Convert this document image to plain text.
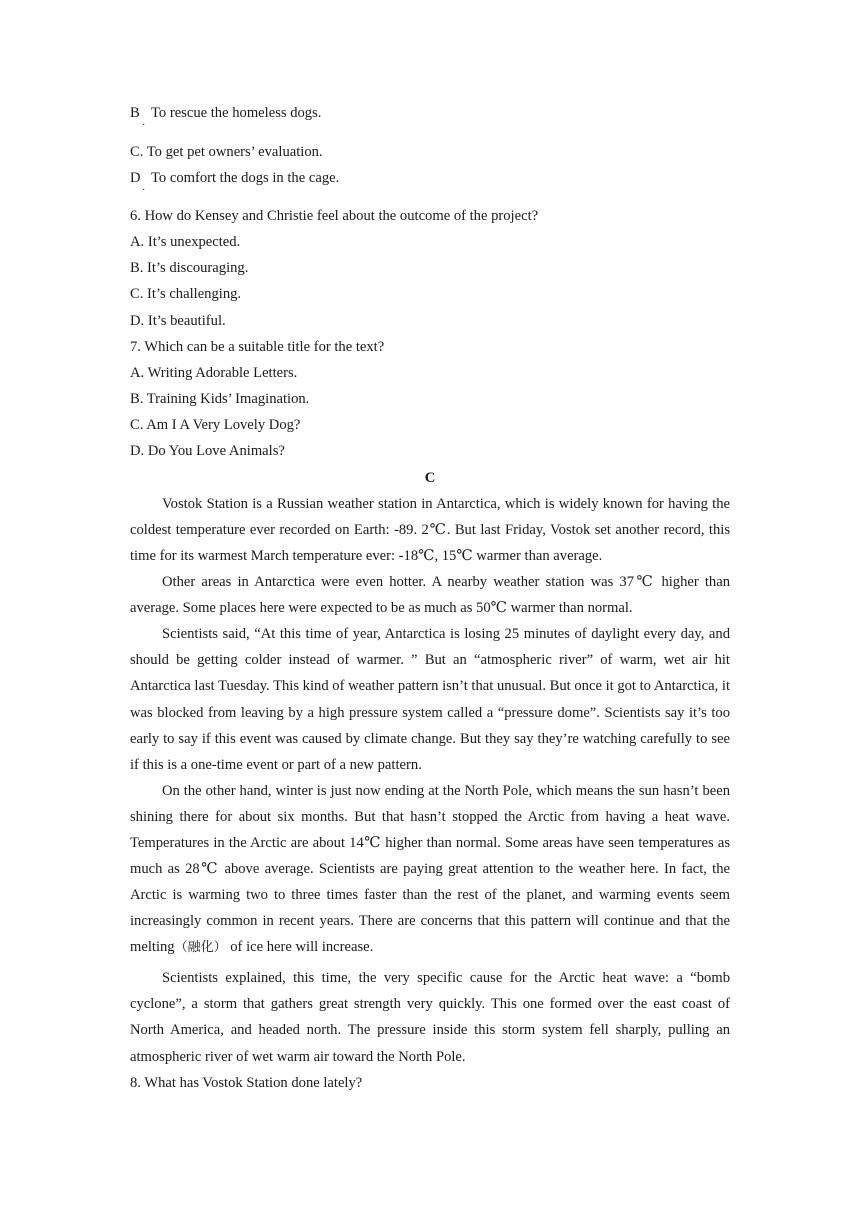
B
·
To rescue the homeless dogs.
C. To get pet owners’ evaluation.
D
·
To comfort the dogs in the cage.
6. How do Kensey and Christie feel about the outcome of the project?
A. It’s unexpected.
B. It’s discouraging.
C. It’s challenging.
D. It’s beautiful.
7. Which can be a suitable title for the text?
A. Writing Adorable Letters.
B. Training Kids’ Imagination.
C. Am I A Very Lovely Dog?
D. Do You Love Animals?
C
Vostok Station is a Russian weather station in Antarctica, which is widely known for having the coldest temperature ever recorded on Earth: -89. 2℃. But last Friday, Vostok set another record, this time for its warmest March temperature ever: -18℃, 15℃ warmer than average.
Other areas in Antarctica were even hotter. A nearby weather station was 37℃ higher than average. Some places here were expected to be as much as 50℃ warmer than normal.
Scientists said, “At this time of year, Antarctica is losing 25 minutes of daylight every day, and should be getting colder instead of warmer. ” But an “atmospheric river” of warm, wet air hit Antarctica last Tuesday. This kind of weather pattern isn’t that unusual. But once it got to Antarctica, it was blocked from leaving by a high pressure system called a “pressure dome”. Scientists say it’s too early to say if this event was caused by climate change. But they say they’re watching carefully to see if this is a one-time event or part of a new pattern.
On the other hand, winter is just now ending at the North Pole, which means the sun hasn’t been shining there for about six months. But that hasn’t stopped the Arctic from having a heat wave. Temperatures in the Arctic are about 14℃ higher than normal. Some areas have seen temperatures as much as 28℃ above average. Scientists are paying great attention to the weather here. In fact, the Arctic is warming two to three times faster than the rest of the planet, and warming events seem increasingly common in recent years. There are concerns that this pattern will continue and that the melting（融化） of ice here will increase.
Scientists explained, this time, the very specific cause for the Arctic heat wave: a “bomb cyclone”, a storm that gathers great strength very quickly. This one formed over the east coast of North America, and headed north. The pressure inside this storm system fell sharply, pulling an atmospheric river of wet warm air toward the North Pole.
8. What has Vostok Station done lately?
